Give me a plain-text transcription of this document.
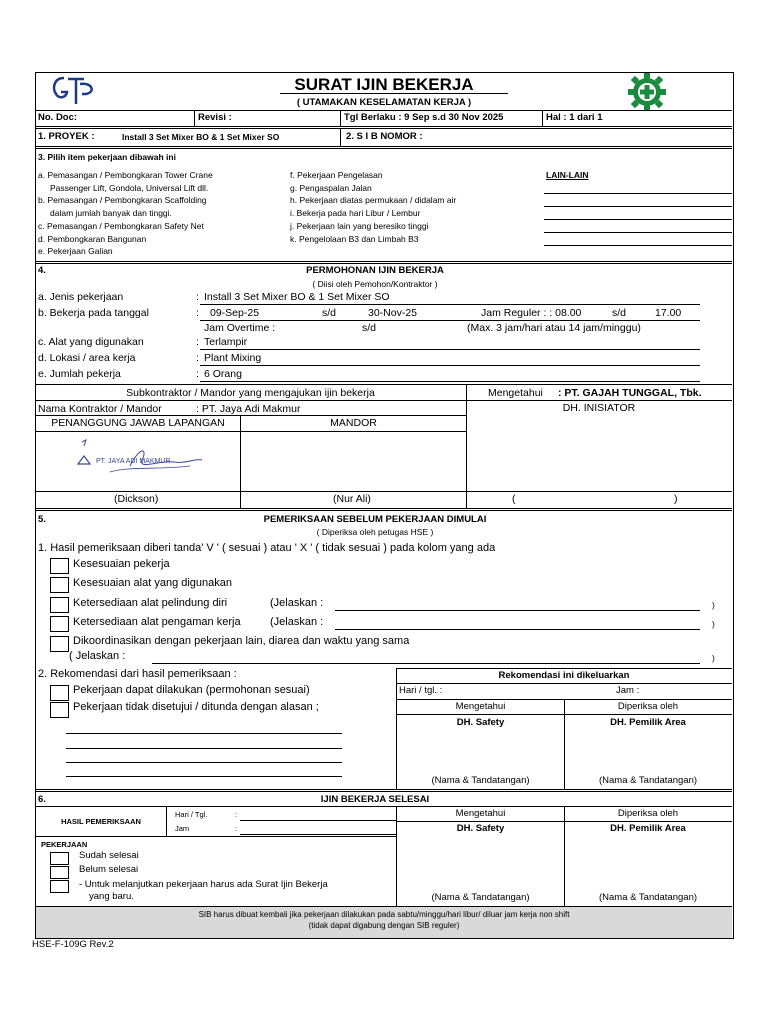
SURAT IJIN BEKERJA
( UTAMAKAN KESELAMATAN KERJA )
No. Doc:	Revisi :	Tgl Berlaku : 9 Sep s.d 30 Nov 2025	Hal : 1 dari 1
1. PROYEK :	Install 3 Set Mixer BO & 1 Set Mixer SO	2. S I B NOMOR :
3. Pilih item pekerjaan dibawah ini
a. Pemasangan / Pembongkaran Tower Crane
Passenger Lift, Gondola, Universal Lift dll.
b. Pemasangan / Pembongkaran Scaffolding
dalam jumlah banyak dan tinggi.
c. Pemasangan / Pembongkaran Safety Net
d. Pembongkaran Bangunan
e. Pekerjaan Galian
f. Pekerjaan Pengelasan
g. Pengaspalan Jalan
h. Pekerjaan diatas permukaan / didalam air
i. Bekerja pada hari Libur / Lembur
j. Pekerjaan lain yang beresiko tinggi
k. Pengelolaan B3 dan Limbah B3
LAIN-LAIN
4.	PERMOHONAN IJIN BEKERJA
( Diisi oleh Pemohon/Kontraktor )
a. Jenis pekerjaan	: Install 3 Set Mixer BO & 1 Set Mixer SO
b. Bekerja pada tanggal	: 09-Sep-25	s/d	30-Nov-25	Jam Reguler : : 08.00	s/d	17.00
Jam Overtime :	s/d	(Max. 3 jam/hari atau 14 jam/minggu)
c. Alat yang digunakan	: Terlampir
d. Lokasi / area kerja	: Plant Mixing
e. Jumlah pekerja	: 6 Orang
Subkontraktor / Mandor yang mengajukan ijin bekerja	Mengetahui : PT. GAJAH TUNGGAL, Tbk.
Nama Kontraktor / Mandor	: PT. Jaya Adi Makmur	DH. INISIATOR
PENANGGUNG JAWAB LAPANGAN	MANDOR
PT. JAYA ADI MAKMUR
(Dickson)	(Nur Ali)	(	)
5.	PEMERIKSAAN SEBELUM PEKERJAAN DIMULAI
( Diperiksa oleh petugas HSE )
1. Hasil pemeriksaan diberi tanda' V ' ( sesuai ) atau ' X ' ( tidak sesuai ) pada kolom yang ada
Kesesuaian pekerja
Kesesuaian alat yang digunakan
Ketersediaan alat pelindung diri	(Jelaskan :	)
Ketersediaan alat pengaman kerja	(Jelaskan :	)
Dikoordinasikan dengan pekerjaan lain, diarea dan waktu yang sama
( Jelaskan :	)
2. Rekomendasi dari hasil pemeriksaan :
Pekerjaan dapat dilakukan (permohonan sesuai)
Pekerjaan tidak disetujui / ditunda dengan alasan ;
Rekomendasi ini dikeluarkan
Hari / tgl. :	Jam :
Mengetahui	Diperiksa oleh
DH. Safety	DH. Pemilik Area
(Nama & Tandatangan)	(Nama & Tandatangan)
6.	IJIN BEKERJA SELESAI
HASIL PEMERIKSAAN
Hari / Tgl.	:
Jam	:
Mengetahui	Diperiksa oleh
DH. Safety	DH. Pemilik Area
PEKERJAAN
Sudah selesai
Belum selesai
- Untuk melanjutkan pekerjaan harus ada Surat Ijin Bekerja
yang baru.	(Nama & Tandatangan)	(Nama & Tandatangan)
SIB harus dibuat kembali jika pekerjaan dilakukan pada sabtu/minggu/hari libur/ diluar jam kerja non shift
(tidak dapat digabung dengan SIB reguler)
HSE-F-109G Rev.2
